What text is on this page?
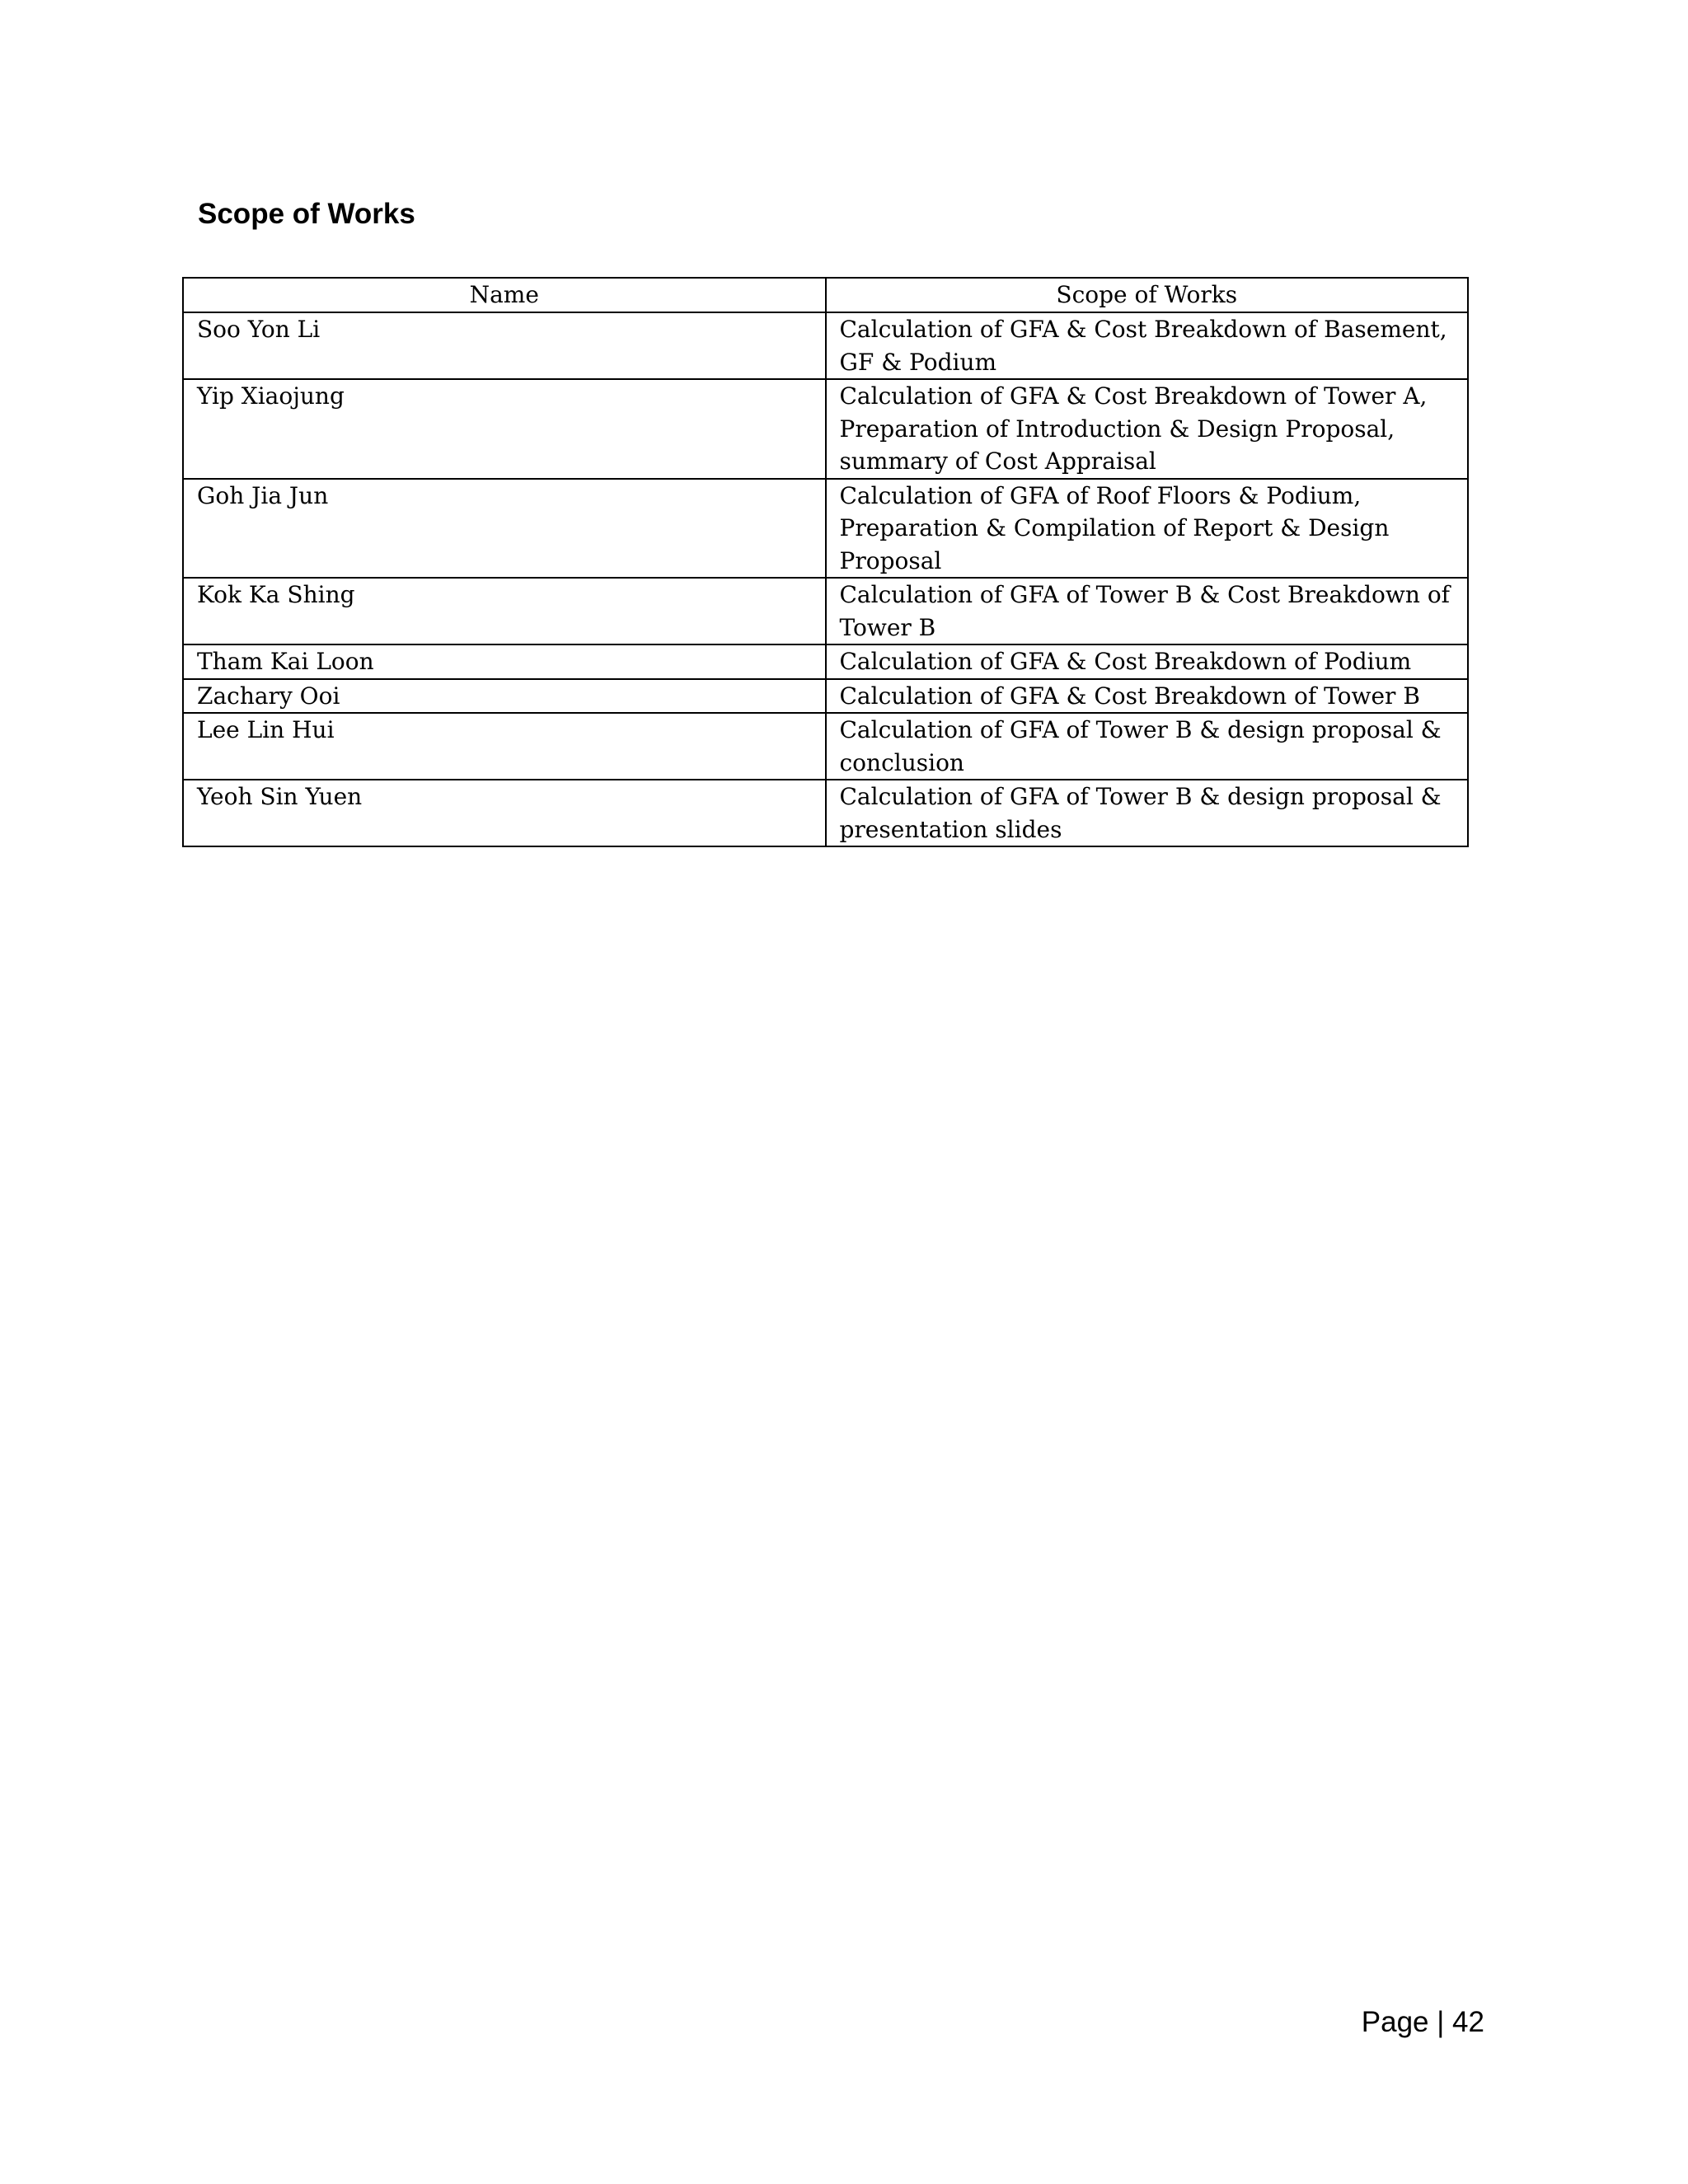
Scope of Works
Name	Scope of Works
Soo Yon Li	Calculation of GFA & Cost Breakdown of Basement, GF & Podium
Yip Xiaojung	Calculation of GFA & Cost Breakdown of Tower A, Preparation of Introduction & Design Proposal, summary of Cost Appraisal
Goh Jia Jun	Calculation of GFA of Roof Floors & Podium, Preparation & Compilation of Report & Design Proposal
Kok Ka Shing	Calculation of GFA of Tower B & Cost Breakdown of Tower B
Tham Kai Loon	Calculation of GFA & Cost Breakdown of Podium
Zachary Ooi	Calculation of GFA & Cost Breakdown of Tower B
Lee Lin Hui	Calculation of GFA of Tower B & design proposal & conclusion
Yeoh Sin Yuen	Calculation of GFA of Tower B & design proposal & presentation slides
Page | 42
